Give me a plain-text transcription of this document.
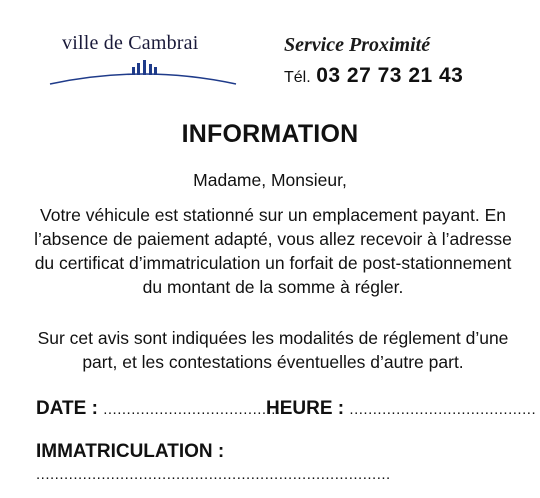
ville de Cambrai	Service Proximité
Tél. 03 27 73 21 43
INFORMATION
Madame, Monsieur,
Votre véhicule est stationné sur un emplacement payant. En l’absence de paiement adapté, vous allez recevoir à l’adresse du certificat d’immatriculation un forfait de post-stationnement du montant de la somme à régler.
Sur cet avis sont indiquées les modalités de réglement d’une part, et les contestations éventuelles d’autre part.
DATE : ........................................
HEURE : ........................................
IMMATRICULATION : ............................................................................
